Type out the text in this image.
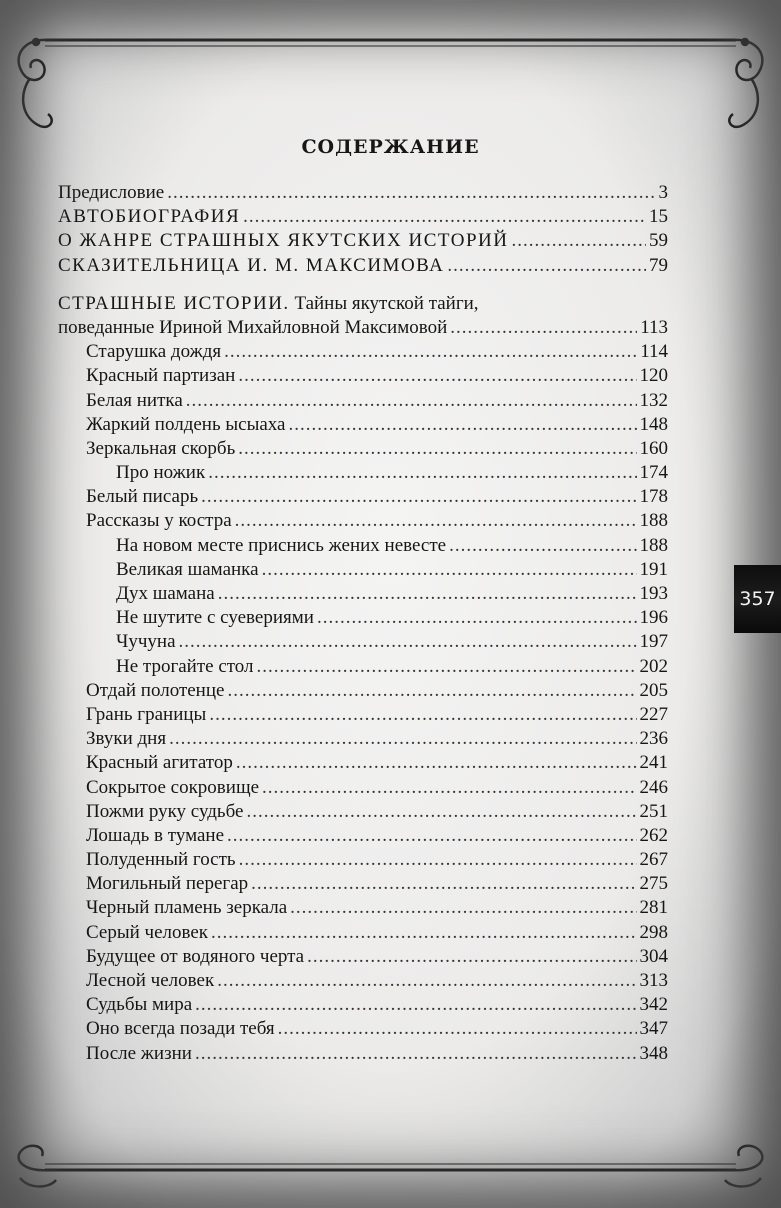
СОДЕРЖАНИЕ
Предисловие .....	3
АВТОБИОГРАФИЯ .....	15
О ЖАНРЕ СТРАШНЫХ ЯКУТСКИХ ИСТОРИЙ .....	59
СКАЗИТЕЛЬНИЦА И. М. МАКСИМОВА .....	79
СТРАШНЫЕ ИСТОРИИ. Тайны якутской тайги,
поведанные Ириной Михайловной Максимовой .....	113
Старушка дождя .....	114
Красный партизан .....	120
Белая нитка .....	132
Жаркий полдень ысыаха .....	148
Зеркальная скорбь .....	160
Про ножик .....	174
Белый писарь .....	178
Рассказы у костра .....	188
На новом месте приснись жених невесте .....	188
Великая шаманка .....	191
Дух шамана .....	193
Не шутите с суевериями .....	196
Чучуна .....	197
Не трогайте стол .....	202
Отдай полотенце .....	205
Грань границы .....	227
Звуки дня .....	236
Красный агитатор .....	241
Сокрытое сокровище .....	246
Пожми руку судьбе .....	251
Лошадь в тумане .....	262
Полуденный гость .....	267
Могильный перегар .....	275
Черный пламень зеркала .....	281
Серый человек .....	298
Будущее от водяного черта .....	304
Лесной человек .....	313
Судьбы мира .....	342
Оно всегда позади тебя .....	347
После жизни .....	348
357
